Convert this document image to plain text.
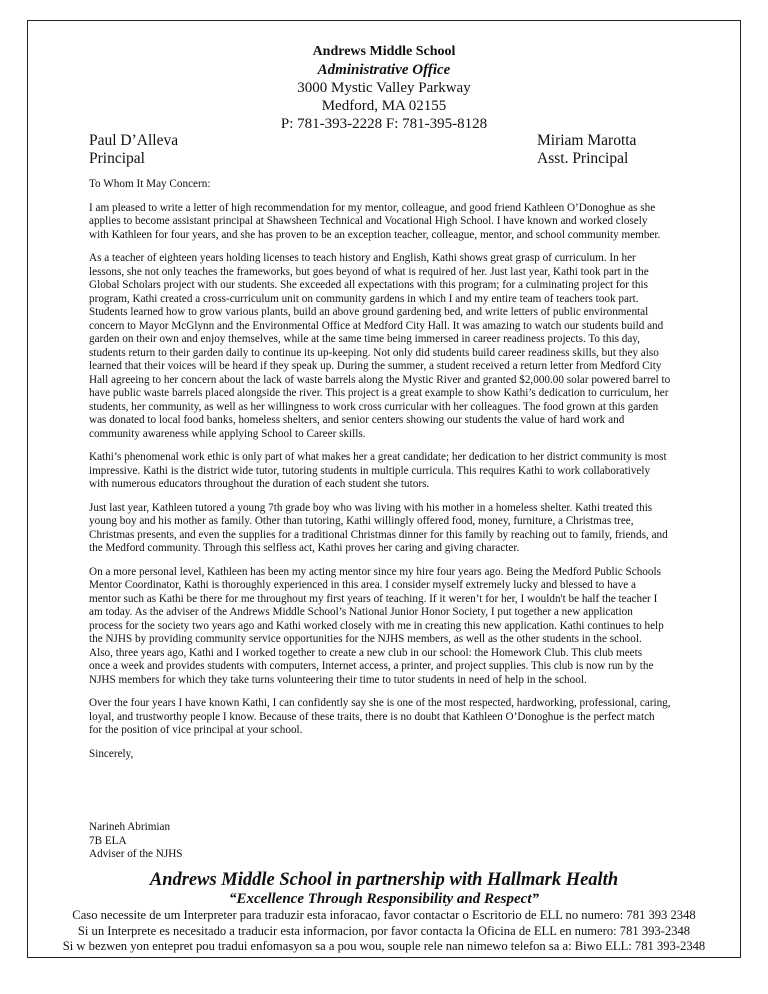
Andrews Middle School
Administrative Office
3000 Mystic Valley Parkway
Medford, MA 02155
P: 781-393-2228 F: 781-395-8128
Paul D’Alleva
Principal
Miriam Marotta
Asst. Principal

To Whom It May Concern:

I am pleased to write a letter of high recommendation for my mentor, colleague, and good friend Kathleen O’Donoghue as she
applies to become assistant principal at Shawsheen Technical and Vocational High School. I have known and worked closely
with Kathleen for four years, and she has proven to be an exception teacher, colleague, mentor, and school community member.

As a teacher of eighteen years holding licenses to teach history and English, Kathi shows great grasp of curriculum. In her
lessons, she not only teaches the frameworks, but goes beyond of what is required of her. Just last year, Kathi took part in the
Global Scholars project with our students. She exceeded all expectations with this program; for a culminating project for this
program, Kathi created a cross-curriculum unit on community gardens in which I and my entire team of teachers took part.
Students learned how to grow various plants, build an above ground gardening bed, and write letters of public environmental
concern to Mayor McGlynn and the Environmental Office at Medford City Hall. It was amazing to watch our students build and
garden on their own and enjoy themselves, while at the same time being immersed in career readiness projects. To this day,
students return to their garden daily to continue its up-keeping. Not only did students build career readiness skills, but they also
learned that their voices will be heard if they speak up. During the summer, a student received a return letter from Medford City
Hall agreeing to her concern about the lack of waste barrels along the Mystic River and granted $2,000.00 solar powered barrel to
have public waste barrels placed alongside the river. This project is a great example to show Kathi’s dedication to curriculum, her
students, her community, as well as her willingness to work cross curricular with her colleagues. The food grown at this garden
was donated to local food banks, homeless shelters, and senior centers showing our students the value of hard work and
community awareness while applying School to Career skills.

Kathi’s phenomenal work ethic is only part of what makes her a great candidate; her dedication to her district community is most
impressive. Kathi is the district wide tutor, tutoring students in multiple curricula. This requires Kathi to work collaboratively
with numerous educators throughout the duration of each student she tutors.

Just last year, Kathleen tutored a young 7th grade boy who was living with his mother in a homeless shelter. Kathi treated this
young boy and his mother as family. Other than tutoring, Kathi willingly offered food, money, furniture, a Christmas tree,
Christmas presents, and even the supplies for a traditional Christmas dinner for this family by reaching out to family, friends, and
the Medford community. Through this selfless act, Kathi proves her caring and giving character.

On a more personal level, Kathleen has been my acting mentor since my hire four years ago. Being the Medford Public Schools
Mentor Coordinator, Kathi is thoroughly experienced in this area. I consider myself extremely lucky and blessed to have a
mentor such as Kathi be there for me throughout my first years of teaching. If it weren’t for her, I wouldn't be half the teacher I
am today. As the adviser of the Andrews Middle School’s National Junior Honor Society, I put together a new application
process for the society two years ago and Kathi worked closely with me in creating this new application. Kathi continues to help
the NJHS by providing community service opportunities for the NJHS members, as well as the other students in the school.
Also, three years ago, Kathi and I worked together to create a new club in our school: the Homework Club. This club meets
once a week and provides students with computers, Internet access, a printer, and project supplies. This club is now run by the
NJHS members for which they take turns volunteering their time to tutor students in need of help in the school.

Over the four years I have known Kathi, I can confidently say she is one of the most respected, hardworking, professional, caring,
loyal, and trustworthy people I know. Because of these traits, there is no doubt that Kathleen O’Donoghue is the perfect match
for the position of vice principal at your school.

Sincerely,

Narineh Abrimian
7B ELA
Adviser of the NJHS
Andrews Middle School in partnership with Hallmark Health
“Excellence Through Responsibility and Respect”
Caso necessite de um Interpreter para traduzir esta inforacao, favor contactar o Escritorio de ELL no numero: 781 393 2348
Si un Interprete es necesitado a traducir esta informacion, por favor contacta la Oficina de ELL en numero: 781 393-2348
Si w bezwen yon entepret pou tradui enfomasyon sa a pou wou, souple rele nan nimewo telefon sa a: Biwo ELL: 781 393-2348
